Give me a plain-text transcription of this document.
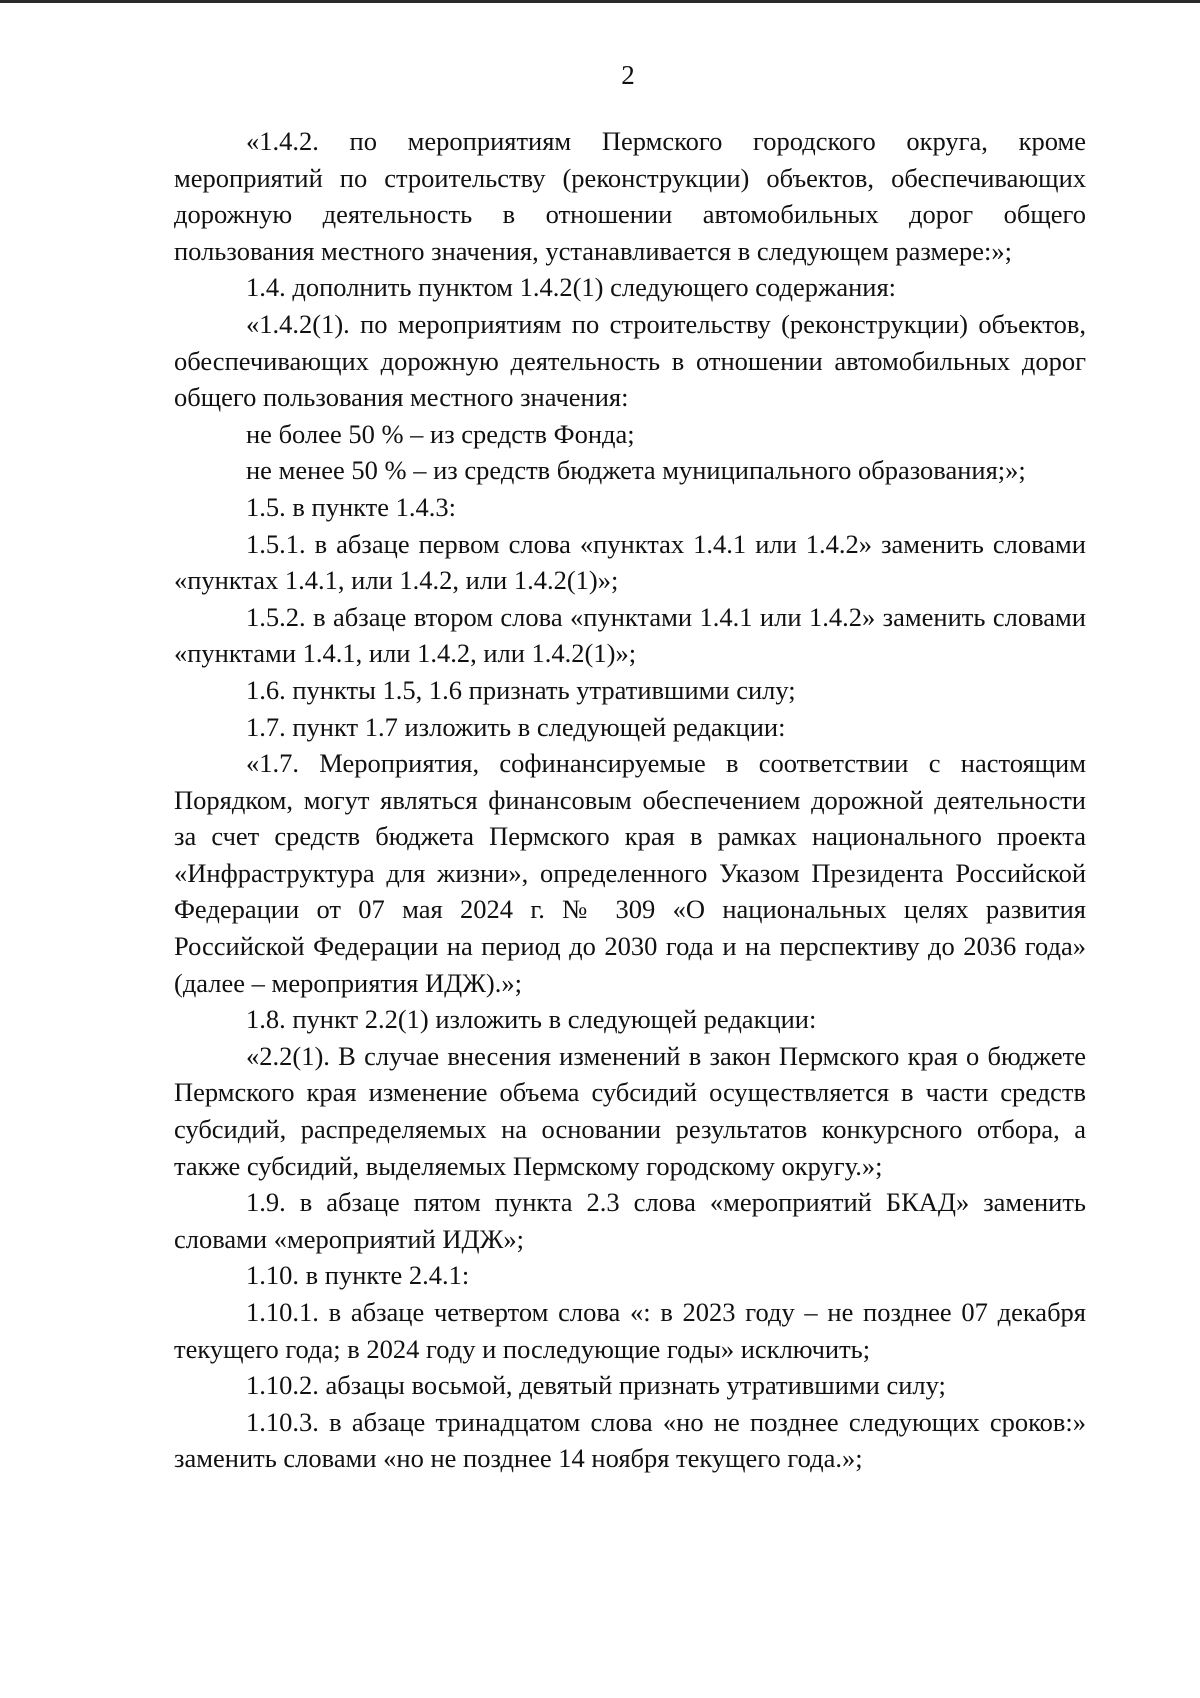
2

«1.4.2. по мероприятиям Пермского городского округа, кроме мероприятий по строительству (реконструкции) объектов, обеспечивающих дорожную деятельность в отношении автомобильных дорог общего пользования местного значения, устанавливается в следующем размере:»;

1.4. дополнить пунктом 1.4.2(1) следующего содержания:

«1.4.2(1). по мероприятиям по строительству (реконструкции) объектов, обеспечивающих дорожную деятельность в отношении автомобильных дорог общего пользования местного значения:

не более 50 % – из средств Фонда;

не менее 50 % – из средств бюджета муниципального образования;»;

1.5. в пункте 1.4.3:

1.5.1. в абзаце первом слова «пунктах 1.4.1 или 1.4.2» заменить словами «пунктах 1.4.1, или 1.4.2, или 1.4.2(1)»;

1.5.2. в абзаце втором слова «пунктами 1.4.1 или 1.4.2» заменить словами «пунктами 1.4.1, или 1.4.2, или 1.4.2(1)»;

1.6. пункты 1.5, 1.6 признать утратившими силу;

1.7. пункт 1.7 изложить в следующей редакции:

«1.7. Мероприятия, софинансируемые в соответствии с настоящим Порядком, могут являться финансовым обеспечением дорожной деятельности за счет средств бюджета Пермского края в рамках национального проекта «Инфраструктура для жизни», определенного Указом Президента Российской Федерации от 07 мая 2024 г. № 309 «О национальных целях развития Российской Федерации на период до 2030 года и на перспективу до 2036 года» (далее – мероприятия ИДЖ).»;

1.8. пункт 2.2(1) изложить в следующей редакции:

«2.2(1). В случае внесения изменений в закон Пермского края о бюджете Пермского края изменение объема субсидий осуществляется в части средств субсидий, распределяемых на основании результатов конкурсного отбора, а также субсидий, выделяемых Пермскому городскому округу.»;

1.9. в абзаце пятом пункта 2.3 слова «мероприятий БКАД» заменить словами «мероприятий ИДЖ»;

1.10. в пункте 2.4.1:

1.10.1. в абзаце четвертом слова «: в 2023 году – не позднее 07 декабря текущего года; в 2024 году и последующие годы» исключить;

1.10.2. абзацы восьмой, девятый признать утратившими силу;

1.10.3. в абзаце тринадцатом слова «но не позднее следующих сроков:» заменить словами «но не позднее 14 ноября текущего года.»;
